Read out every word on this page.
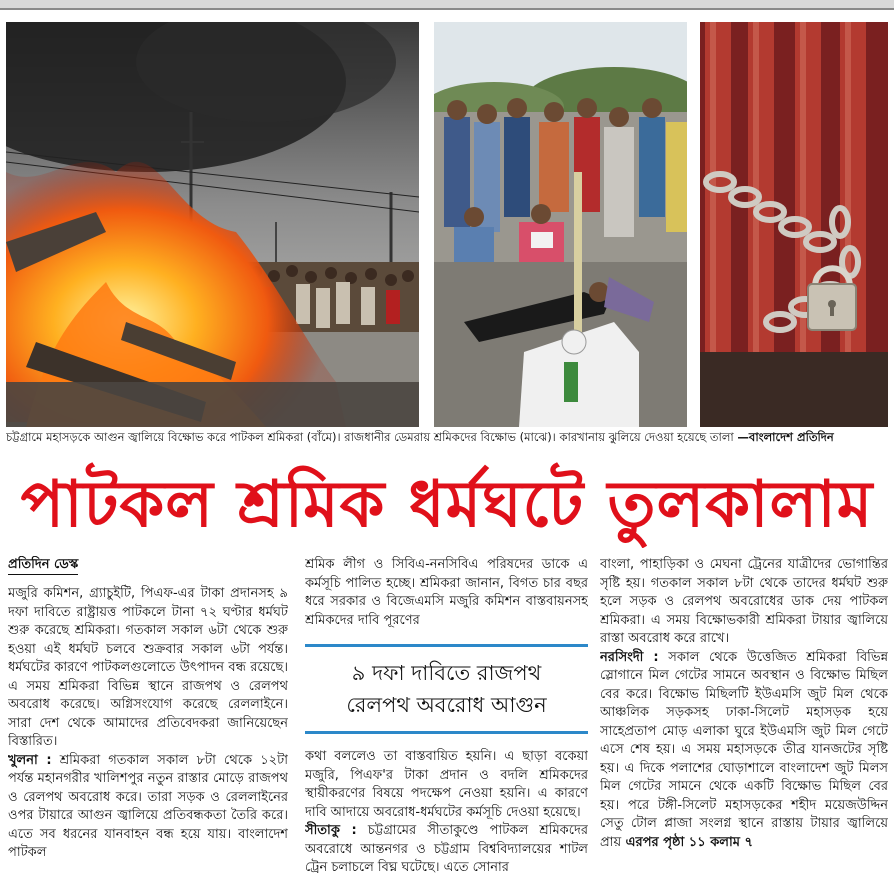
চট্টগ্রামে মহাসড়কে আগুন জ্বালিয়ে বিক্ষোভ করে পাটকল শ্রমিকরা (বাঁমে)। রাজধানীর ডেমরায় শ্রমিকদের বিক্ষোভ (মাঝে)। কারখানায় ঝুলিয়ে দেওয়া হয়েছে তালা —বাংলাদেশ প্রতিদিন
পাটকল শ্রমিক ধর্মঘটে তুলকালাম
প্রতিদিন ডেস্ক

মজুরি কমিশন, গ্র্যাচুইটি, পিএফ-এর টাকা প্রদানসহ ৯ দফা দাবিতে রাষ্ট্রায়ত্ত পাটকলে টানা ৭২ ঘণ্টার ধর্মঘট শুরু করেছে শ্রমিকরা। গতকাল সকাল ৬টা থেকে শুরু হওয়া এই ধর্মঘট চলবে শুক্রবার সকাল ৬টা পর্যন্ত। ধর্মঘটের কারণে পাটকলগুলোতে উৎপাদন বন্ধ রয়েছে। এ সময় শ্রমিকরা বিভিন্ন স্থানে রাজপথ ও রেলপথ অবরোধ করেছে। অগ্নিসংযোগ করেছে রেললাইনে। সারা দেশ থেকে আমাদের প্রতিবেদকরা জানিয়েছেন বিস্তারিত।

খুলনা : শ্রমিকরা গতকাল সকাল ৮টা থেকে ১২টা পর্যন্ত মহানগরীর খালিশপুর নতুন রাস্তার মোড়ে রাজপথ ও রেলপথ অবরোধ করে। তারা সড়ক ও রেললাইনের ওপর টায়ারে আগুন জ্বালিয়ে প্রতিবন্ধকতা তৈরি করে। এতে সব ধরনের যানবাহন বন্ধ হয়ে যায়। বাংলাদেশ পাটকল

শ্রমিক লীগ ও সিবিএ-ননসিবিএ পরিষদের ডাকে এ কর্মসূচি পালিত হচ্ছে। শ্রমিকরা জানান, বিগত চার বছর ধরে সরকার ও বিজেএমসি মজুরি কমিশন বাস্তবায়নসহ শ্রমিকদের দাবি পূরণের

৯ দফা দাবিতে রাজপথ
রেলপথ অবরোধ আগুন

কথা বললেও তা বাস্তবায়িত হয়নি। এ ছাড়া বকেয়া মজুরি, পিএফ'র টাকা প্রদান ও বদলি শ্রমিকদের স্থায়ীকরণের বিষয়ে পদক্ষেপ নেওয়া হয়নি। এ কারণে দাবি আদায়ে অবরোধ-ধর্মঘটের কর্মসূচি দেওয়া হয়েছে।

সীতাকু : চট্টগ্রামের সীতাকুণ্ডে পাটকল শ্রমিকদের অবরোধে আন্তনগর ও চট্টগ্রাম বিশ্ববিদ্যালয়ের শাটল ট্রেন চলাচলে বিঘ্ন ঘটেছে। এতে সোনার

বাংলা, পাহাড়িকা ও মেঘনা ট্রেনের যাত্রীদের ভোগান্তির সৃষ্টি হয়। গতকাল সকাল ৮টা থেকে তাদের ধর্মঘট শুরু হলে সড়ক ও রেলপথ অবরোধের ডাক দেয় পাটকল শ্রমিকরা। এ সময় বিক্ষোভকারী শ্রমিকরা টায়ার জ্বালিয়ে রাস্তা অবরোধ করে রাখে।

নরসিংদী : সকাল থেকে উত্তেজিত শ্রমিকরা বিভিন্ন স্লোগানে মিল গেটের সামনে অবস্থান ও বিক্ষোভ মিছিল বের করে। বিক্ষোভ মিছিলটি ইউএমসি জুট মিল থেকে আঞ্চলিক সড়কসহ ঢাকা-সিলেট মহাসড়ক হয়ে সাহেপ্রতাপ মোড় এলাকা ঘুরে ইউএমসি জুট মিল গেটে এসে শেষ হয়। এ সময় মহাসড়কে তীব্র যানজটের সৃষ্টি হয়। এ দিকে পলাশের ঘোড়াশালে বাংলাদেশ জুট মিলস মিল গেটের সামনে থেকে একটি বিক্ষোভ মিছিল বের হয়। পরে টঙ্গী-সিলেট মহাসড়কের শহীদ ময়েজউদ্দিন সেতু টোল প্লাজা সংলগ্ন স্থানে রাস্তায় টায়ার জ্বালিয়ে প্রায় এরপর পৃষ্ঠা ১১ কলাম ৭
